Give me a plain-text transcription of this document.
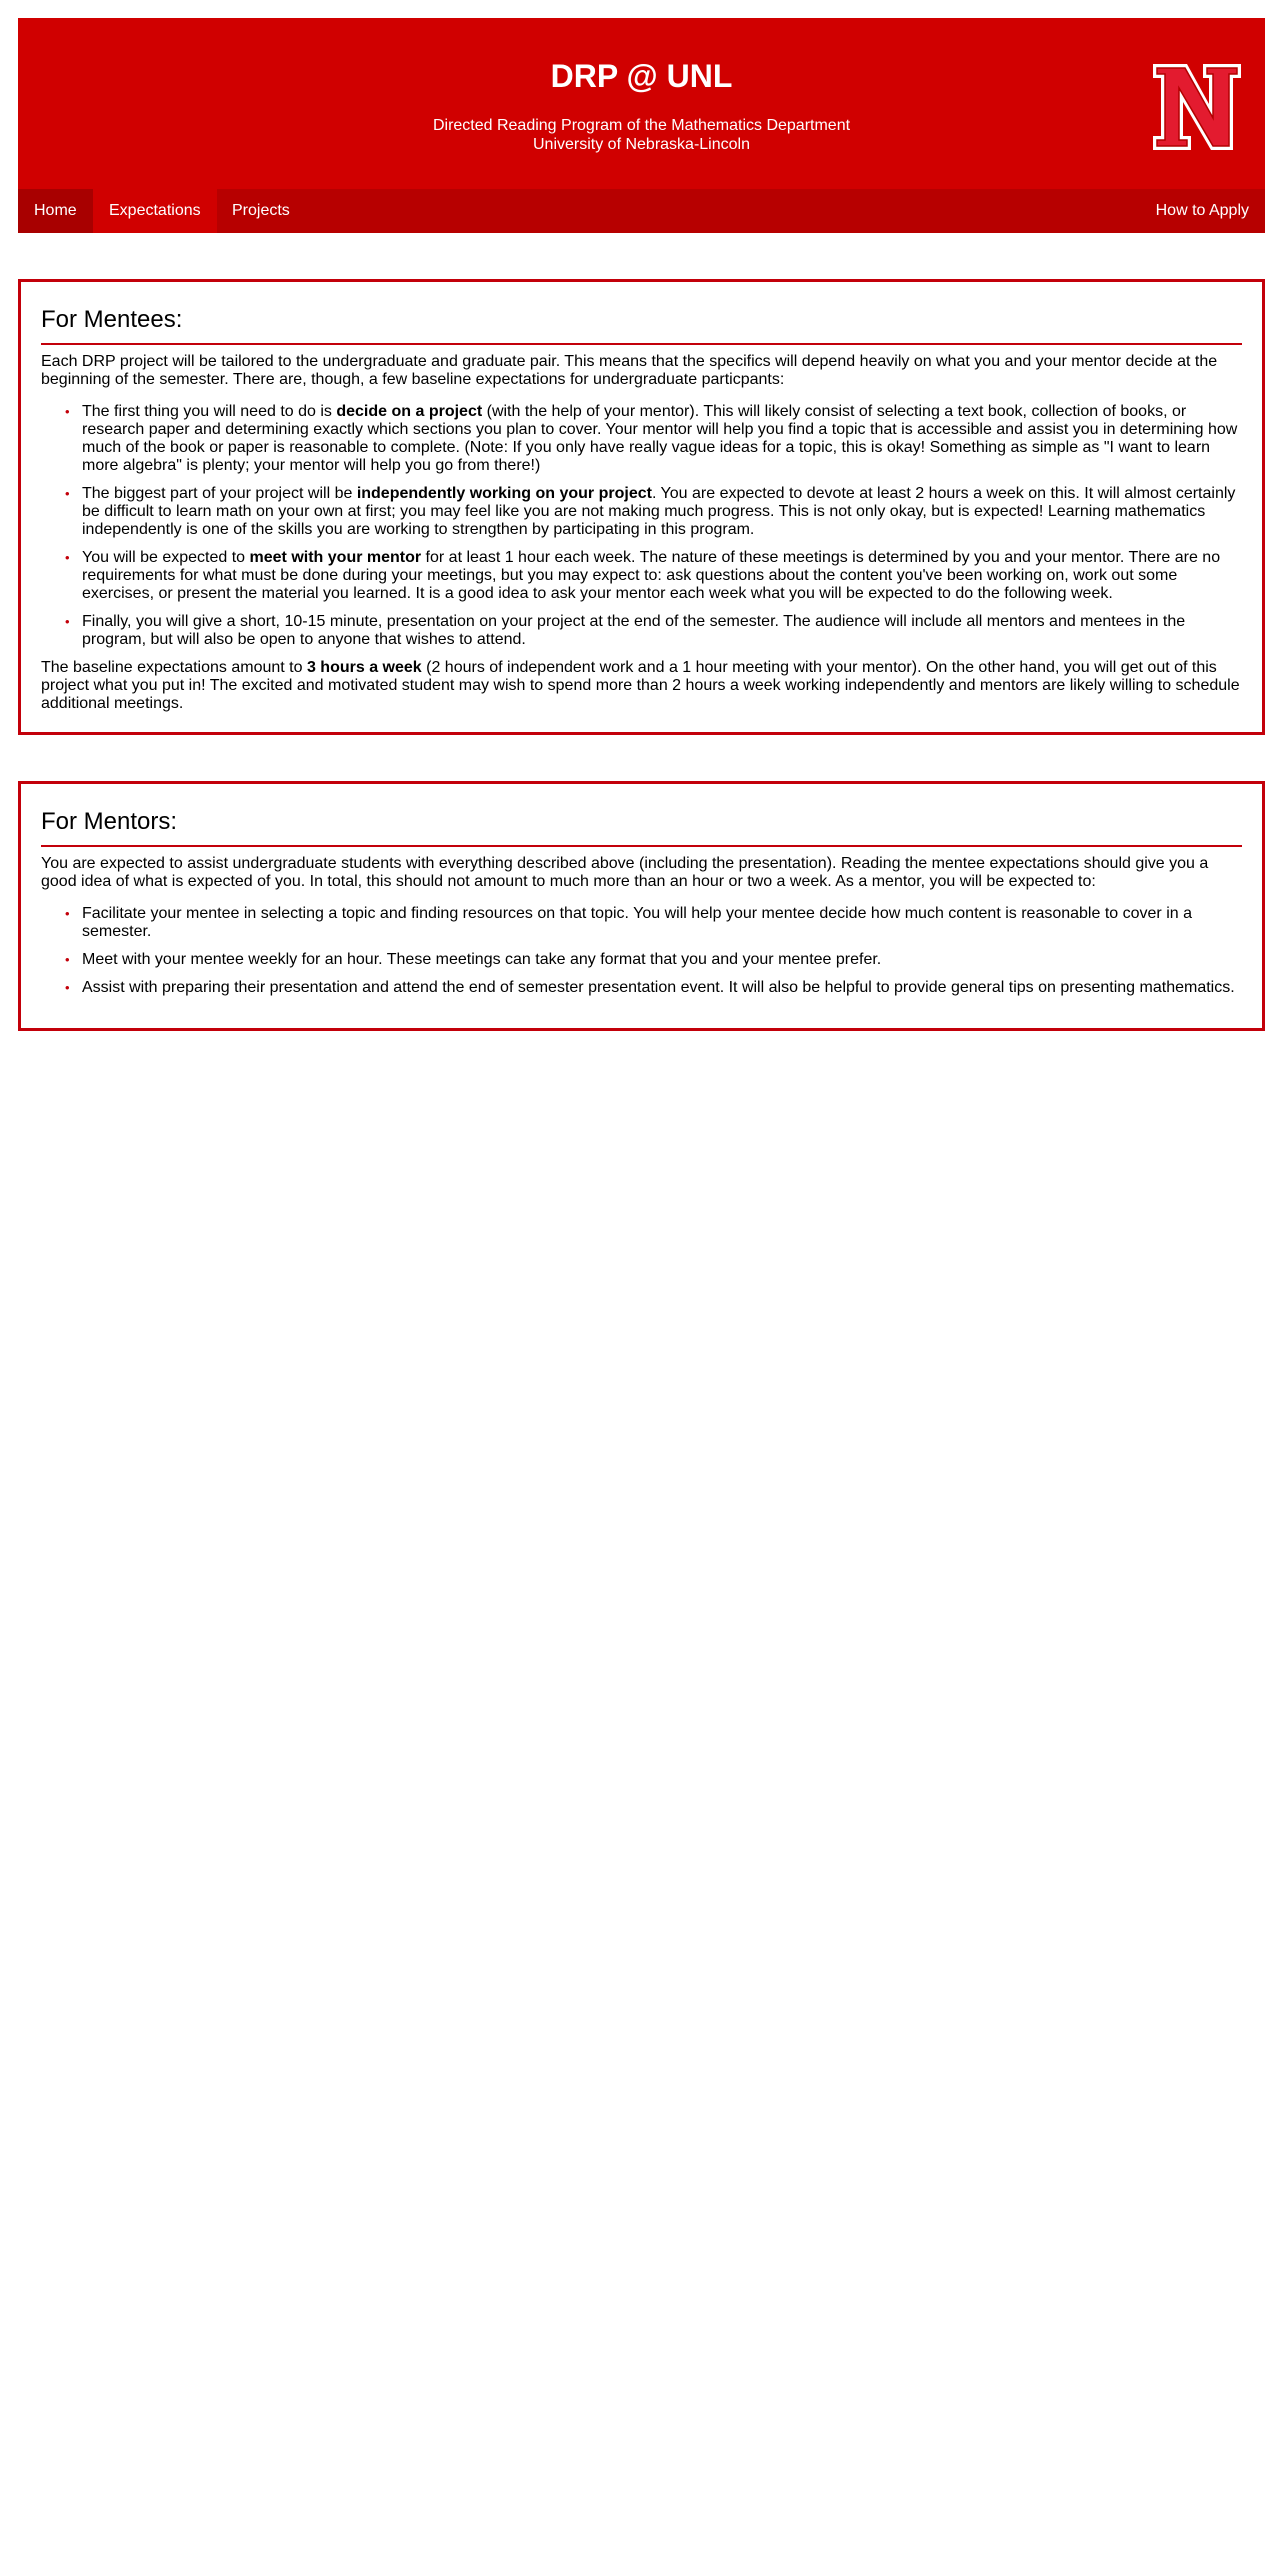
DRP @ UNL
Directed Reading Program of the Mathematics Department
University of Nebraska-Lincoln
Home	Expectations	Projects	How to Apply
For Mentees:

Each DRP project will be tailored to the undergraduate and graduate pair. This means that the specifics will depend heavily on what you and your mentor decide at the beginning of the semester. There are, though, a few baseline expectations for undergraduate particpants:

• The first thing you will need to do is decide on a project (with the help of your mentor). This will likely consist of selecting a text book, collection of books, or research paper and determining exactly which sections you plan to cover. Your mentor will help you find a topic that is accessible and assist you in determining how much of the book or paper is reasonable to complete. (Note: If you only have really vague ideas for a topic, this is okay! Something as simple as "I want to learn more algebra" is plenty; your mentor will help you go from there!)

• The biggest part of your project will be independently working on your project. You are expected to devote at least 2 hours a week on this. It will almost certainly be difficult to learn math on your own at first; you may feel like you are not making much progress. This is not only okay, but is expected! Learning mathematics independently is one of the skills you are working to strengthen by participating in this program.

• You will be expected to meet with your mentor for at least 1 hour each week. The nature of these meetings is determined by you and your mentor. There are no requirements for what must be done during your meetings, but you may expect to: ask questions about the content you've been working on, work out some exercises, or present the material you learned. It is a good idea to ask your mentor each week what you will be expected to do the following week.

• Finally, you will give a short, 10-15 minute, presentation on your project at the end of the semester. The audience will include all mentors and mentees in the program, but will also be open to anyone that wishes to attend.

The baseline expectations amount to 3 hours a week (2 hours of independent work and a 1 hour meeting with your mentor). On the other hand, you will get out of this project what you put in! The excited and motivated student may wish to spend more than 2 hours a week working independently and mentors are likely willing to schedule additional meetings.

For Mentors:

You are expected to assist undergraduate students with everything described above (including the presentation). Reading the mentee expectations should give you a good idea of what is expected of you. In total, this should not amount to much more than an hour or two a week. As a mentor, you will be expected to:

• Facilitate your mentee in selecting a topic and finding resources on that topic. You will help your mentee decide how much content is reasonable to cover in a semester.

• Meet with your mentee weekly for an hour. These meetings can take any format that you and your mentee prefer.

• Assist with preparing their presentation and attend the end of semester presentation event. It will also be helpful to provide general tips on presenting mathematics.
